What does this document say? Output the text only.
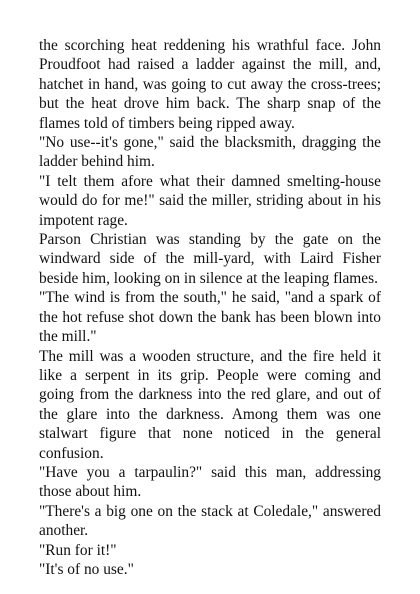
the scorching heat reddening his wrathful face. John Proudfoot had raised a ladder against the mill, and, hatchet in hand, was going to cut away the cross-trees; but the heat drove him back. The sharp snap of the flames told of timbers being ripped away.

"No use--it's gone," said the blacksmith, dragging the ladder behind him.

"I telt them afore what their damned smelting-house would do for me!" said the miller, striding about in his impotent rage.

Parson Christian was standing by the gate on the windward side of the mill-yard, with Laird Fisher beside him, looking on in silence at the leaping flames.

"The wind is from the south," he said, "and a spark of the hot refuse shot down the bank has been blown into the mill."

The mill was a wooden structure, and the fire held it like a serpent in its grip. People were coming and going from the darkness into the red glare, and out of the glare into the darkness. Among them was one stalwart figure that none noticed in the general confusion.

"Have you a tarpaulin?" said this man, addressing those about him.

"There's a big one on the stack at Coledale," answered another.

"Run for it!"

"It's of no use."
